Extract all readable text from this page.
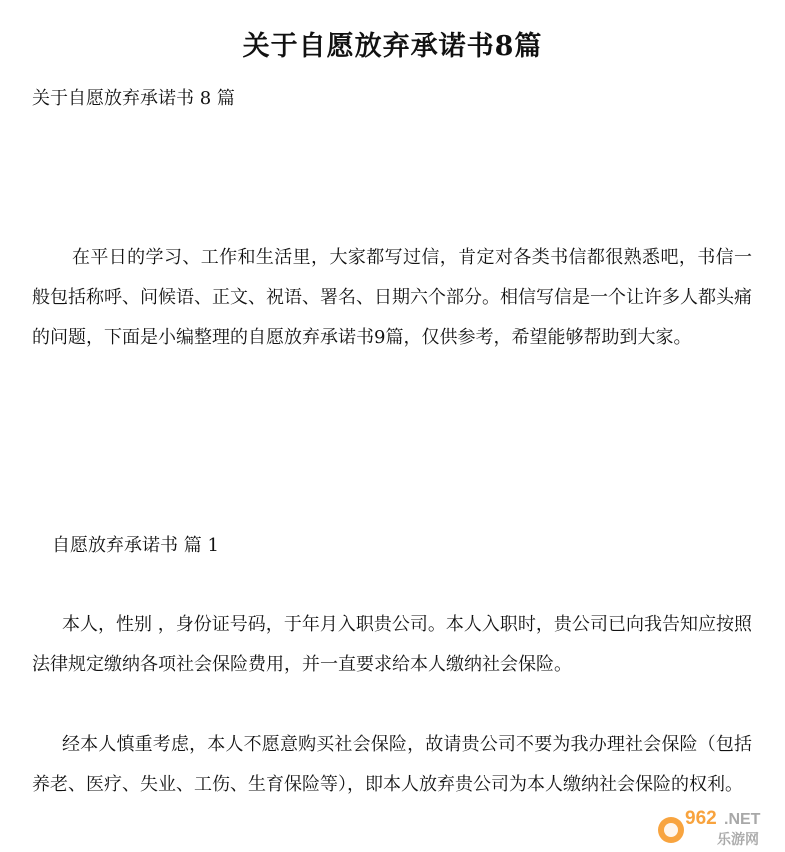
关于自愿放弃承诺书8篇
关于自愿放弃承诺书 8 篇

在平日的学习、工作和生活里，大家都写过信，肯定对各类书信都很熟悉吧，书信一般包括称呼、问候语、正文、祝语、署名、日期六个部分。相信写信是一个让许多人都头痛的问题，下面是小编整理的自愿放弃承诺书9篇，仅供参考，希望能够帮助到大家。

自愿放弃承诺书 篇 1

本人，性别 ，身份证号码，于年月入职贵公司。本人入职时，贵公司已向我告知应按照法律规定缴纳各项社会保险费用，并一直要求给本人缴纳社会保险。

经本人慎重考虑，本人不愿意购买社会保险，故请贵公司不要为我办理社会保险（包括养老、医疗、失业、工伤、生育保险等），即本人放弃贵公司为本人缴纳社会保险的权利。

962 .NET
乐游网
